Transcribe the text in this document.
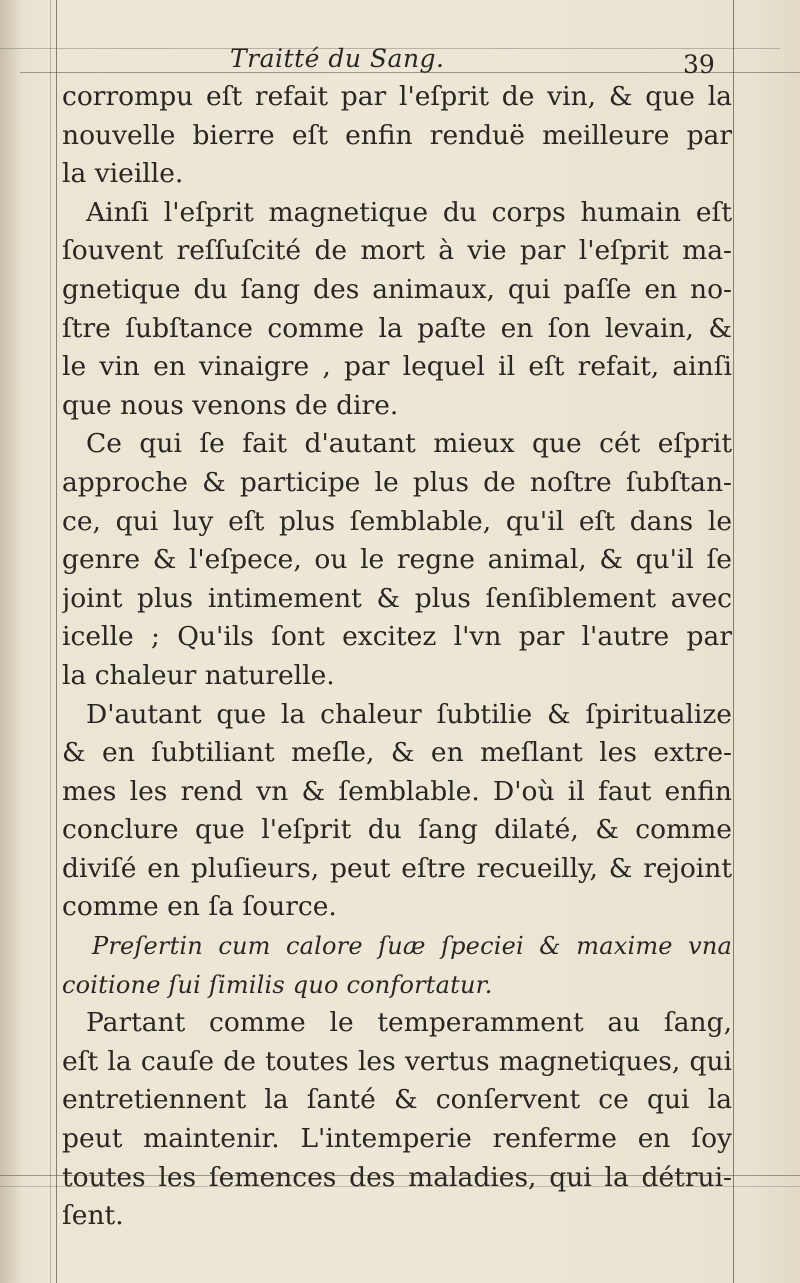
Traitté du Sang.	39
corrompu eſt refait par l'eſprit de vin, & que la
nouvelle bierre eſt enfin renduë meilleure par
la vieille.
Ainſi l'eſprit magnetique du corps humain eſt
ſouvent reſſuſcité de mort à vie par l'eſprit ma-
gnetique du ſang des animaux, qui paſſe en no-
ſtre ſubſtance comme la paſte en ſon levain, &
le vin en vinaigre , par lequel il eſt refait, ainſi
que nous venons de dire.
Ce qui ſe fait d'autant mieux que cét eſprit
approche & participe le plus de noſtre ſubſtan-
ce, qui luy eſt plus ſemblable, qu'il eſt dans le
genre & l'eſpece, ou le regne animal, & qu'il ſe
joint plus intimement & plus ſenſiblement avec
icelle ; Qu'ils ſont excitez l'vn par l'autre par
la chaleur naturelle.
D'autant que la chaleur ſubtilie & ſpiritualize
& en ſubtiliant meſle, & en meſlant les extre-
mes les rend vn & ſemblable. D'où il faut enfin
conclure que l'eſprit du ſang dilaté, & comme
diviſé en pluſieurs, peut eſtre recueilly, & rejoint
comme en ſa ſource.
Preſertin cum calore ſuæ ſpeciei & maxime vna
coitione ſui ſimilis quo confortatur.
Partant comme le temperamment au ſang,
eſt la cauſe de toutes les vertus magnetiques, qui
entretiennent la ſanté & conſervent ce qui la
peut maintenir. L'intemperie renferme en ſoy
toutes les ſemences des maladies, qui la détrui-
ſent.
